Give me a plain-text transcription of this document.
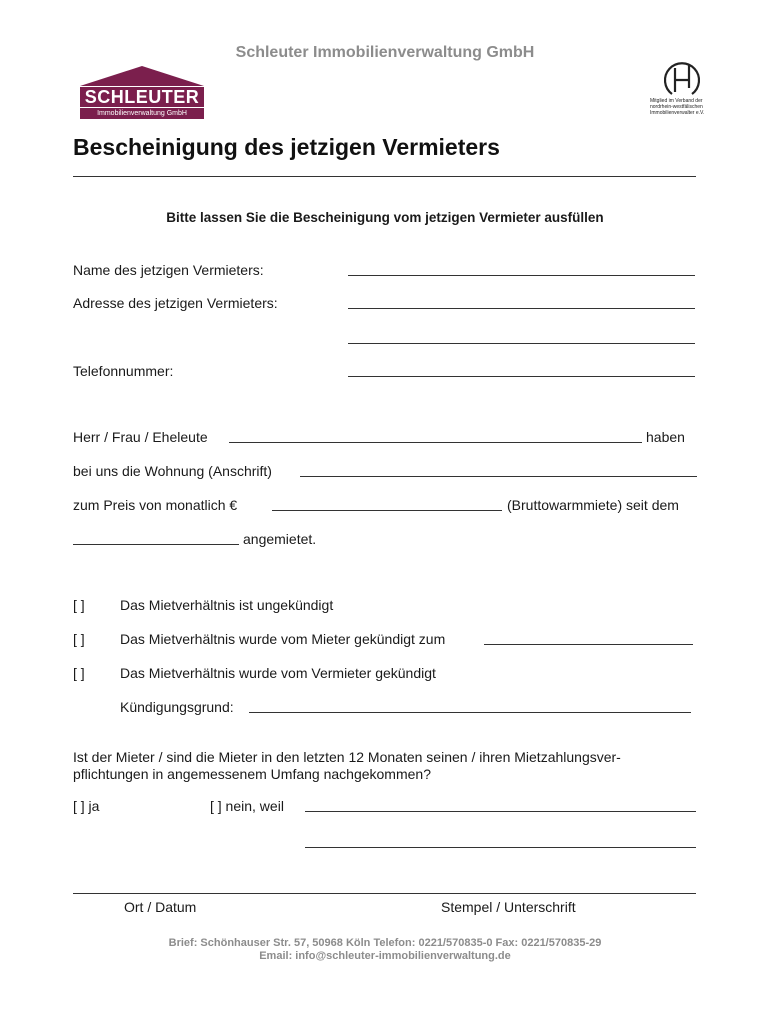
Schleuter Immobilienverwaltung GmbH
SCHLEUTER
Immobilienverwaltung GmbH
Mitglied im Verband der
nordrhein-westfälischen
Immobilienverwalter e.V.
Bescheinigung des jetzigen Vermieters
Bitte lassen Sie die Bescheinigung vom jetzigen Vermieter ausfüllen
Name des jetzigen Vermieters:
Adresse des jetzigen Vermieters:
Telefonnummer:
Herr / Frau / Eheleute	haben
bei uns die Wohnung (Anschrift)
zum Preis von monatlich €	(Bruttowarmmiete) seit dem
angemietet.
[ ]	Das Mietverhältnis ist ungekündigt
[ ]	Das Mietverhältnis wurde vom Mieter gekündigt zum
[ ]	Das Mietverhältnis wurde vom Vermieter gekündigt
Kündigungsgrund:
Ist der Mieter / sind die Mieter in den letzten 12 Monaten seinen / ihren Mietzahlungsver-
pflichtungen in angemessenem Umfang nachgekommen?
[ ] ja	[ ] nein, weil
Ort / Datum	Stempel / Unterschrift
Brief: Schönhauser Str. 57, 50968 Köln Telefon: 0221/570835-0 Fax: 0221/570835-29
Email: info@schleuter-immobilienverwaltung.de
